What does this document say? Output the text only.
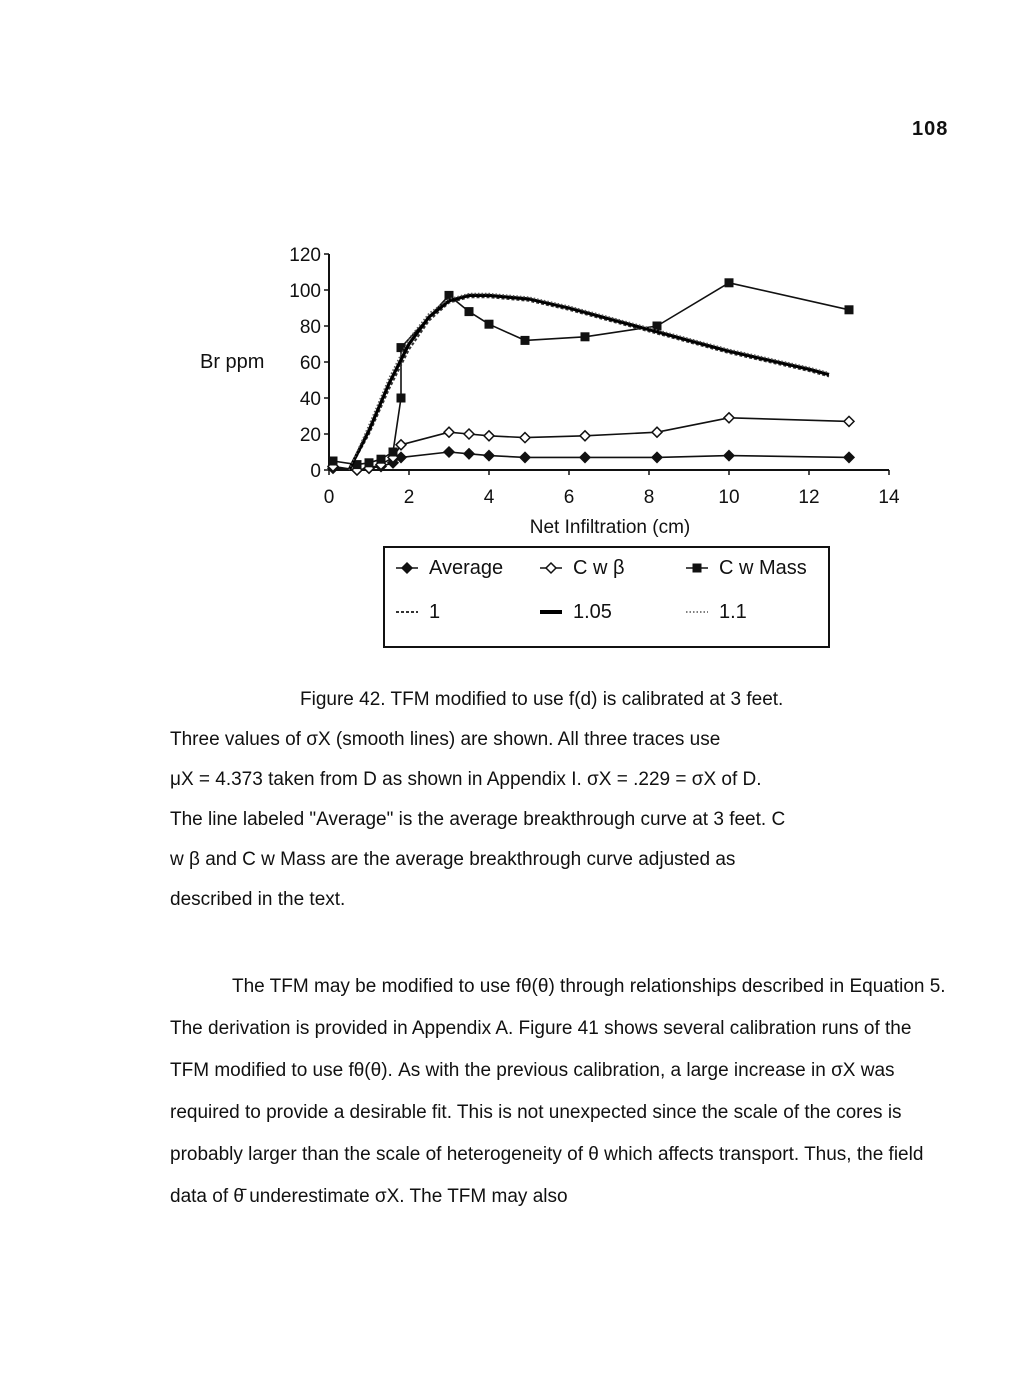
108
0	2	4	6	8	10	12	14
0
20
40
60
80
100
120
Br ppm
Net Infiltration (cm)
Average	C w β	C w Mass
1	1.05	1.1

Figure 42. TFM modified to use f(d) is calibrated at 3 feet.

Three values of σX (smooth lines) are shown. All three traces use

μX = 4.373 taken from D as shown in Appendix I. σX = .229 = σX of D.

The line labeled "Average" is the average breakthrough curve at 3 feet. C

w β and C w Mass are the average breakthrough curve adjusted as

described in the text.

The TFM may be modified to use fθ(θ) through relationships described in Equation 5. The derivation is provided in Appendix A. Figure 41 shows several calibration runs of the TFM modified to use fθ(θ). As with the previous calibration, a large increase in σX was required to provide a desirable fit. This is not unexpected since the scale of the cores is probably larger than the scale of heterogeneity of θ which affects transport. Thus, the field data of θ̄ underestimate σX. The TFM may also
